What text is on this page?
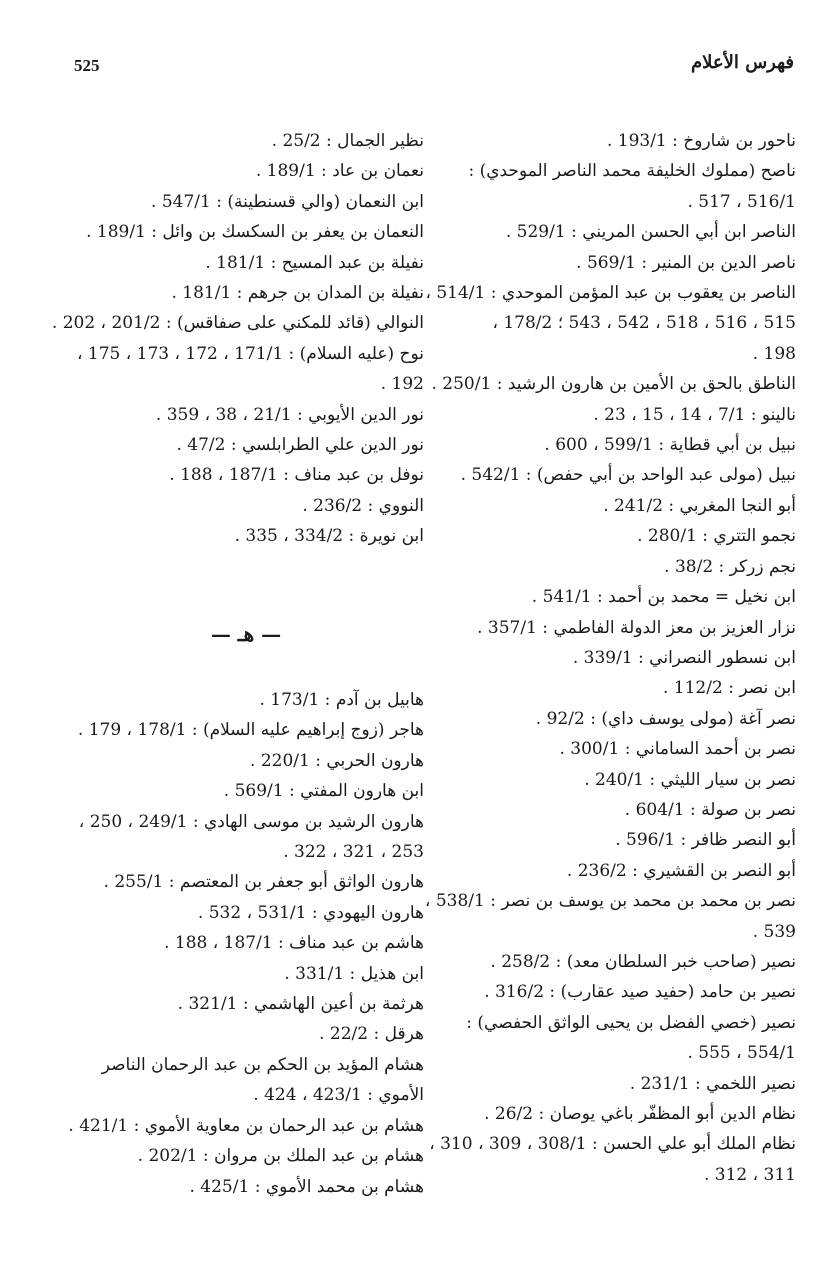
525	فهرس الأعلام
ناحور بن شاروخ : 193/1 .
ناصح (مملوك الخليفة محمد الناصر الموحدي) :
516/1 ، 517 .
الناصر ابن أبي الحسن المريني : 529/1 .
ناصر الدين بن المنير : 569/1 .
الناصر بن يعقوب بن عبد المؤمن الموحدي : 514/1 ،
515 ، 516 ، 518 ، 542 ، 543 ؛ 178/2 ،
198 .
الناطق بالحق بن الأمين بن هارون الرشيد : 250/1 .
نالينو : 7/1 ، 14 ، 15 ، 23 .
نبيل بن أبي قطاية : 599/1 ، 600 .
نبيل (مولى عبد الواحد بن أبي حفص) : 542/1 .
أبو النجا المغربي : 241/2 .
نجمو التتري : 280/1 .
نجم زركر : 38/2 .
ابن نخيل = محمد بن أحمد : 541/1 .
نزار العزيز بن معز الدولة الفاطمي : 357/1 .
ابن نسطور النصراني : 339/1 .
ابن نصر : 112/2 .
نصر آغة (مولى يوسف داي) : 92/2 .
نصر بن أحمد الساماني : 300/1 .
نصر بن سيار الليثي : 240/1 .
نصر بن صولة : 604/1 .
أبو النصر ظافر : 596/1 .
أبو النصر بن القشيري : 236/2 .
نصر بن محمد بن محمد بن يوسف بن نصر : 538/1 ،
539 .
نصير (صاحب خبر السلطان معد) : 258/2 .
نصير بن حامد (حفيد صيد عقارب) : 316/2 .
نصير (خصي الفضل بن يحيى الواثق الحفصي) :
554/1 ، 555 .
نصير اللخمي : 231/1 .
نظام الدين أبو المظفّر باغي يوصان : 26/2 .
نظام الملك أبو علي الحسن : 308/1 ، 309 ، 310 ،
311 ، 312 .
نظير الجمال : 25/2 .
نعمان بن عاد : 189/1 .
ابن النعمان (والي قسنطينة) : 547/1 .
النعمان بن يعفر بن السكسك بن وائل : 189/1 .
نفيلة بن عبد المسيح : 181/1 .
نفيلة بن المدان بن جرهم : 181/1 .
النوالي (قائد للمكني على صفاقس) : 201/2 ، 202 .
نوح (عليه السلام) : 171/1 ، 172 ، 173 ، 175 ،
192 .
نور الدين الأيوبي : 21/1 ، 38 ، 359 .
نور الدين علي الطرابلسي : 47/2 .
نوفل بن عبد مناف : 187/1 ، 188 .
النووي : 236/2 .
ابن نويرة : 334/2 ، 335 .
— هـ —
هابيل بن آدم : 173/1 .
هاجر (زوج إبراهيم عليه السلام) : 178/1 ، 179 .
هارون الحربي : 220/1 .
ابن هارون المفتي : 569/1 .
هارون الرشيد بن موسى الهادي : 249/1 ، 250 ،
253 ، 321 ، 322 .
هارون الواثق أبو جعفر بن المعتصم : 255/1 .
هارون اليهودي : 531/1 ، 532 .
هاشم بن عبد مناف : 187/1 ، 188 .
ابن هذيل : 331/1 .
هرثمة بن أعين الهاشمي : 321/1 .
هرقل : 22/2 .
هشام المؤيد بن الحكم بن عبد الرحمان الناصر
الأموي : 423/1 ، 424 .
هشام بن عبد الرحمان بن معاوية الأموي : 421/1 .
هشام بن عبد الملك بن مروان : 202/1 .
هشام بن محمد الأموي : 425/1 .
